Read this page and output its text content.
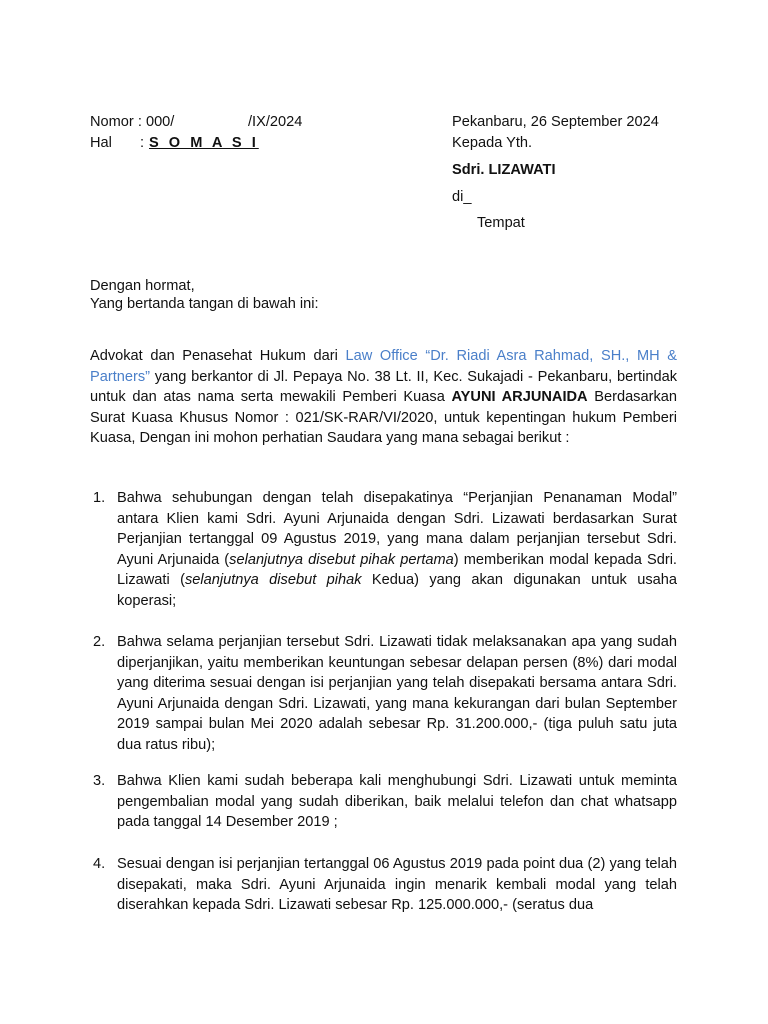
Nomor : 000/	/IX/2024
Hal : S O M A S I
Pekanbaru, 26 September 2024
Kepada Yth.
Sdri. LIZAWATI
di_
Tempat
Dengan hormat,
Yang bertanda tangan di bawah ini:
Advokat dan Penasehat Hukum dari Law Office “Dr. Riadi Asra Rahmad, SH., MH & Partners” yang berkantor di Jl. Pepaya No. 38 Lt. II, Kec. Sukajadi - Pekanbaru, bertindak untuk dan atas nama serta mewakili Pemberi Kuasa AYUNI ARJUNAIDA Berdasarkan Surat Kuasa Khusus Nomor : 021/SK-RAR/VI/2020, untuk kepentingan hukum Pemberi Kuasa, Dengan ini mohon perhatian Saudara yang mana sebagai berikut :
1. Bahwa sehubungan dengan telah disepakatinya “Perjanjian Penanaman Modal” antara Klien kami Sdri. Ayuni Arjunaida dengan Sdri. Lizawati berdasarkan Surat Perjanjian tertanggal 09 Agustus 2019, yang mana dalam perjanjian tersebut Sdri. Ayuni Arjunaida (selanjutnya disebut pihak pertama) memberikan modal kepada Sdri. Lizawati (selanjutnya disebut pihak Kedua) yang akan digunakan untuk usaha koperasi;
2. Bahwa selama perjanjian tersebut Sdri. Lizawati tidak melaksanakan apa yang sudah diperjanjikan, yaitu memberikan keuntungan sebesar delapan persen (8%) dari modal yang diterima sesuai dengan isi perjanjian yang telah disepakati bersama antara Sdri. Ayuni Arjunaida dengan Sdri. Lizawati, yang mana kekurangan dari bulan September 2019 sampai bulan Mei 2020 adalah sebesar Rp. 31.200.000,- (tiga puluh satu juta dua ratus ribu);
3. Bahwa Klien kami sudah beberapa kali menghubungi Sdri. Lizawati untuk meminta pengembalian modal yang sudah diberikan, baik melalui telefon dan chat whatsapp pada tanggal 14 Desember 2019 ;
4. Sesuai dengan isi perjanjian tertanggal 06 Agustus 2019 pada point dua (2) yang telah disepakati, maka Sdri. Ayuni Arjunaida ingin menarik kembali modal yang telah diserahkan kepada Sdri. Lizawati sebesar Rp. 125.000.000,- (seratus dua
